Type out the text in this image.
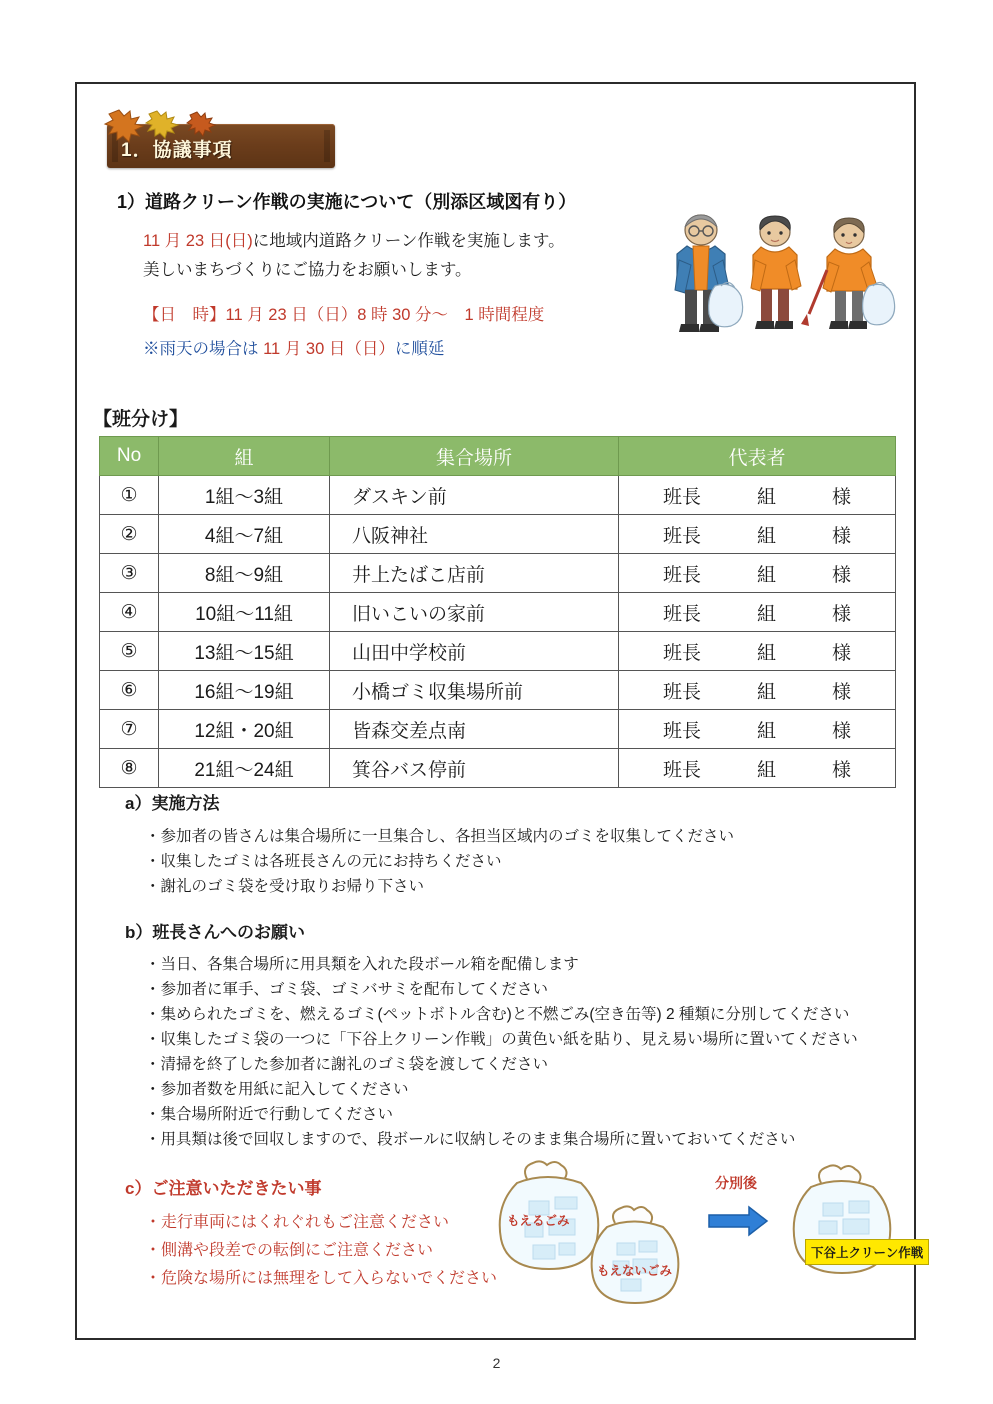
1．協議事項
1）道路クリーン作戦の実施について（別添区域図有り）
11 月 23 日(日)に地域内道路クリーン作戦を実施します。
美しいまちづくりにご協力をお願いします。
【日　時】11 月 23 日（日）8 時 30 分～　1 時間程度
※雨天の場合は 11 月 30 日（日）に順延
【班分け】
No	組	集合場所	代表者
①	1組～3組	ダスキン前	班長 組 様

②	4組～7組	八阪神社	班長 組 様

③	8組～9組	井上たばこ店前	班長 組 様

④	10組～11組	旧いこいの家前	班長 組 様

⑤	13組～15組	山田中学校前	班長 組 様

⑥	16組～19組	小橋ゴミ収集場所前	班長 組 様

⑦	12組・20組	皆森交差点南	班長 組 様

⑧	21組～24組	箕谷バス停前	班長 組 様
a）実施方法
・参加者の皆さんは集合場所に一旦集合し、各担当区域内のゴミを収集してください
・収集したゴミは各班長さんの元にお持ちください
・謝礼のゴミ袋を受け取りお帰り下さい
b）班長さんへのお願い
・当日、各集合場所に用具類を入れた段ボール箱を配備します
・参加者に軍手、ゴミ袋、ゴミバサミを配布してください
・集められたゴミを、燃えるゴミ(ペットボトル含む)と不燃ごみ(空き缶等) 2 種類に分別してください
・収集したゴミ袋の一つに「下谷上クリーン作戦」の黄色い紙を貼り、見え易い場所に置いてください
・清掃を終了した参加者に謝礼のゴミ袋を渡してください
・参加者数を用紙に記入してください
・集合場所附近で行動してください
・用具類は後で回収しますので、段ボールに収納しそのまま集合場所に置いておいてください
c）ご注意いただきたい事
・走行車両にはくれぐれもご注意ください
・側溝や段差での転倒にご注意ください
・危険な場所には無理をして入らないでください
もえるごみ
もえないごみ
分別後
下谷上クリーン作戦
2
